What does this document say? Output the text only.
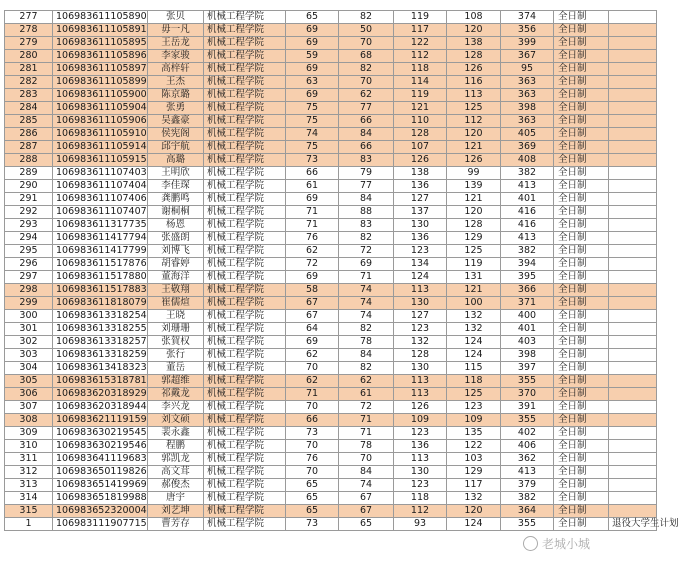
277	106983611105890	张贝	机械工程学院	65	82	119	108	374	全日制	
278	106983611105891	毋一凡	机械工程学院	69	50	117	120	356	全日制	
279	106983611105895	王岳龙	机械工程学院	69	70	122	138	399	全日制	
280	106983611105896	李家骏	机械工程学院	59	68	112	128	367	全日制	
281	106983611105897	高梓轩	机械工程学院	69	82	118	126	95	全日制	
282	106983611105899	王杰	机械工程学院	63	70	114	116	363	全日制	
283	106983611105900	陈京璐	机械工程学院	69	62	119	113	363	全日制	
284	106983611105904	张勇	机械工程学院	75	77	121	125	398	全日制	
285	106983611105906	吴鑫豪	机械工程学院	75	66	110	112	363	全日制	
286	106983611105910	侯宪阁	机械工程学院	74	84	128	120	405	全日制	
287	106983611105914	邱宇航	机械工程学院	75	66	107	121	369	全日制	
288	106983611105915	高璐	机械工程学院	73	83	126	126	408	全日制	
289	106983611107403	王明欣	机械工程学院	66	79	138	99	382	全日制	
290	106983611107404	李佳琛	机械工程学院	61	77	136	139	413	全日制	
291	106983611107406	龚鹏鸣	机械工程学院	69	84	127	121	401	全日制	
292	106983611107407	谢桐桐	机械工程学院	71	88	137	120	416	全日制	
293	106983611317735	杨恩	机械工程学院	71	83	130	128	416	全日制	
294	106983611417794	张盛朗	机械工程学院	76	82	136	129	413	全日制	
295	106983611417799	刘博飞	机械工程学院	62	72	123	125	382	全日制	
296	106983611517876	胡睿婷	机械工程学院	72	69	134	119	394	全日制	
297	106983611517880	董海洋	机械工程学院	69	71	124	131	395	全日制	
298	106983611517883	王敬翔	机械工程学院	58	74	113	121	366	全日制	
299	106983611818079	崔儒煊	机械工程学院	67	74	130	100	371	全日制	
300	106983613318254	王晓	机械工程学院	67	74	127	132	400	全日制	
301	106983613318255	刘珊珊	机械工程学院	64	82	123	132	401	全日制	
302	106983613318257	张賀权	机械工程学院	69	78	132	124	403	全日制	
303	106983613318259	张行	机械工程学院	62	84	128	124	398	全日制	
304	106983613418323	董岳	机械工程学院	70	82	130	115	397	全日制	
305	106983615318781	郭超维	机械工程学院	62	62	113	118	355	全日制	
306	106983620318929	祁戴龙	机械工程学院	71	61	113	125	370	全日制	
307	106983620318944	李兴龙	机械工程学院	70	72	126	123	391	全日制	
308	106983621119159	刘文硕	机械工程学院	66	71	109	109	355	全日制	
309	106983630219545	裴永鑫	机械工程学院	73	71	123	135	402	全日制	
310	106983630219546	程鹏	机械工程学院	70	78	136	122	406	全日制	
311	106983641119683	郭凯龙	机械工程学院	76	70	113	103	362	全日制	
312	106983650119826	高文茸	机械工程学院	70	84	130	129	413	全日制	
313	106983651419969	郝俊杰	机械工程学院	65	74	123	117	379	全日制	
314	106983651819988	唐宇	机械工程学院	65	67	118	132	382	全日制	
315	106983652320004	刘艺坤	机械工程学院	65	67	112	120	364	全日制	
1	106983111907715	曹芳存	机械工程学院	73	65	93	124	355	全日制	退役大学生计划
老城小城
